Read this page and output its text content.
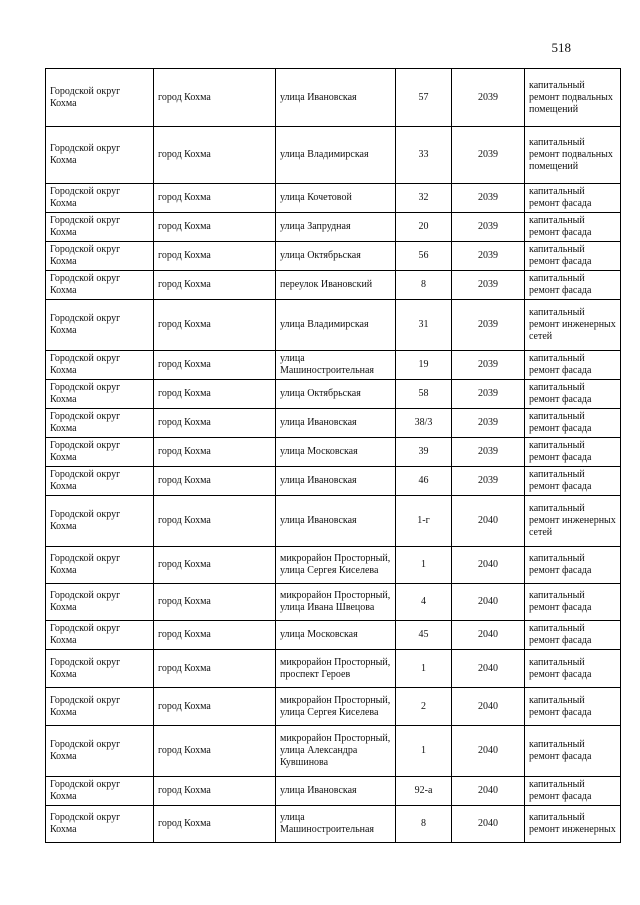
518
Городской округ Кохма	город Кохма	улица Ивановская	57	2039	капитальный ремонт подвальных помещений
Городской округ Кохма	город Кохма	улица Владимирская	33	2039	капитальный ремонт подвальных помещений
Городской округ Кохма	город Кохма	улица Кочетовой	32	2039	капитальный ремонт фасада
Городской округ Кохма	город Кохма	улица Запрудная	20	2039	капитальный ремонт фасада
Городской округ Кохма	город Кохма	улица Октябрьская	56	2039	капитальный ремонт фасада
Городской округ Кохма	город Кохма	переулок Ивановский	8	2039	капитальный ремонт фасада
Городской округ Кохма	город Кохма	улица Владимирская	31	2039	капитальный ремонт инженерных сетей
Городской округ Кохма	город Кохма	улица Машиностроительная	19	2039	капитальный ремонт фасада
Городской округ Кохма	город Кохма	улица Октябрьская	58	2039	капитальный ремонт фасада
Городской округ Кохма	город Кохма	улица Ивановская	38/3	2039	капитальный ремонт фасада
Городской округ Кохма	город Кохма	улица Московская	39	2039	капитальный ремонт фасада
Городской округ Кохма	город Кохма	улица Ивановская	46	2039	капитальный ремонт фасада
Городской округ Кохма	город Кохма	улица Ивановская	1-г	2040	капитальный ремонт инженерных сетей
Городской округ Кохма	город Кохма	микрорайон Просторный, улица Сергея Киселева	1	2040	капитальный ремонт фасада
Городской округ Кохма	город Кохма	микрорайон Просторный, улица Ивана Швецова	4	2040	капитальный ремонт фасада
Городской округ Кохма	город Кохма	улица Московская	45	2040	капитальный ремонт фасада
Городской округ Кохма	город Кохма	микрорайон Просторный, проспект Героев	1	2040	капитальный ремонт фасада
Городской округ Кохма	город Кохма	микрорайон Просторный, улица Сергея Киселева	2	2040	капитальный ремонт фасада
Городской округ Кохма	город Кохма	микрорайон Просторный, улица Александра Кувшинова	1	2040	капитальный ремонт фасада
Городской округ Кохма	город Кохма	улица Ивановская	92-а	2040	капитальный ремонт фасада
Городской округ Кохма	город Кохма	улица Машиностроительная	8	2040	капитальный ремонт инженерных
